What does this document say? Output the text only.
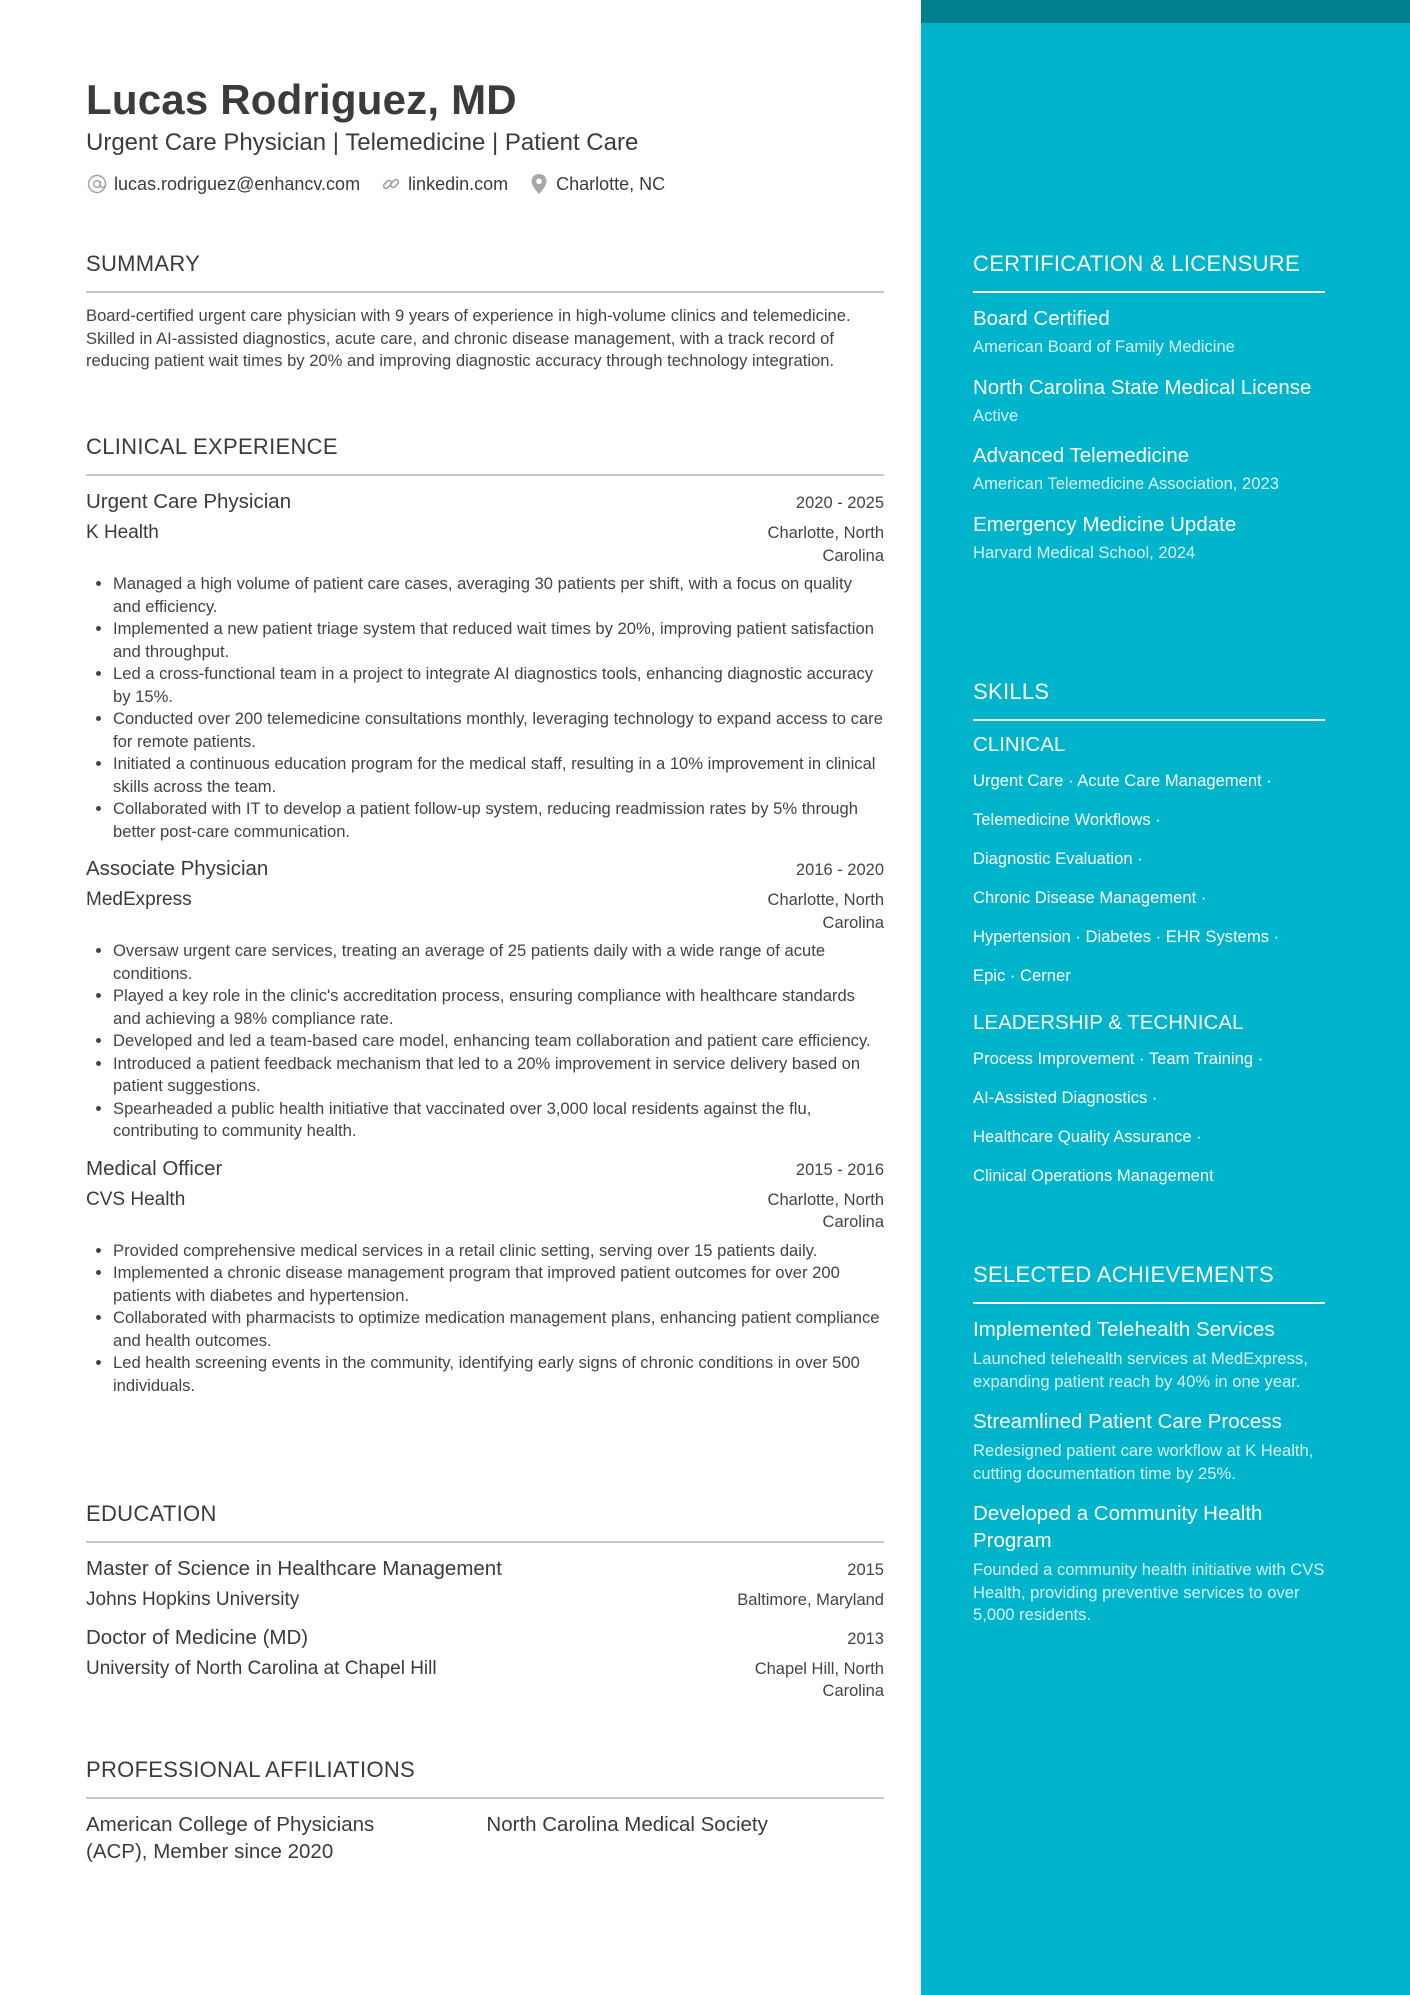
Lucas Rodriguez, MD
Urgent Care Physician | Telemedicine | Patient Care
lucas.rodriguez@enhancv.com	linkedin.com	Charlotte, NC
SUMMARY
Board-certified urgent care physician with 9 years of experience in high-volume clinics and telemedicine. Skilled in AI-assisted diagnostics, acute care, and chronic disease management, with a track record of reducing patient wait times by 20% and improving diagnostic accuracy through technology integration.
CLINICAL EXPERIENCE
Urgent Care Physician	2020 - 2025
K Health	Charlotte, North Carolina
• Managed a high volume of patient care cases, averaging 30 patients per shift, with a focus on quality and efficiency.
• Implemented a new patient triage system that reduced wait times by 20%, improving patient satisfaction and throughput.
• Led a cross-functional team in a project to integrate AI diagnostics tools, enhancing diagnostic accuracy by 15%.
• Conducted over 200 telemedicine consultations monthly, leveraging technology to expand access to care for remote patients.
• Initiated a continuous education program for the medical staff, resulting in a 10% improvement in clinical skills across the team.
• Collaborated with IT to develop a patient follow-up system, reducing readmission rates by 5% through better post-care communication.
Associate Physician	2016 - 2020
MedExpress	Charlotte, North Carolina
• Oversaw urgent care services, treating an average of 25 patients daily with a wide range of acute conditions.
• Played a key role in the clinic's accreditation process, ensuring compliance with healthcare standards and achieving a 98% compliance rate.
• Developed and led a team-based care model, enhancing team collaboration and patient care efficiency.
• Introduced a patient feedback mechanism that led to a 20% improvement in service delivery based on patient suggestions.
• Spearheaded a public health initiative that vaccinated over 3,000 local residents against the flu, contributing to community health.
Medical Officer	2015 - 2016
CVS Health	Charlotte, North Carolina
• Provided comprehensive medical services in a retail clinic setting, serving over 15 patients daily.
• Implemented a chronic disease management program that improved patient outcomes for over 200 patients with diabetes and hypertension.
• Collaborated with pharmacists to optimize medication management plans, enhancing patient compliance and health outcomes.
• Led health screening events in the community, identifying early signs of chronic conditions in over 500 individuals.
EDUCATION
Master of Science in Healthcare Management	2015
Johns Hopkins University	Baltimore, Maryland
Doctor of Medicine (MD)	2013
University of North Carolina at Chapel Hill	Chapel Hill, North Carolina
PROFESSIONAL AFFILIATIONS
American College of Physicians (ACP), Member since 2020
North Carolina Medical Society
CERTIFICATION & LICENSURE
Board Certified
American Board of Family Medicine
North Carolina State Medical License
Active
Advanced Telemedicine
American Telemedicine Association, 2023
Emergency Medicine Update
Harvard Medical School, 2024
SKILLS
CLINICAL
Urgent Care · Acute Care Management ·
Telemedicine Workflows ·
Diagnostic Evaluation ·
Chronic Disease Management ·
Hypertension · Diabetes · EHR Systems ·
Epic · Cerner
LEADERSHIP & TECHNICAL
Process Improvement · Team Training ·
AI-Assisted Diagnostics ·
Healthcare Quality Assurance ·
Clinical Operations Management
SELECTED ACHIEVEMENTS
Implemented Telehealth Services
Launched telehealth services at MedExpress, expanding patient reach by 40% in one year.
Streamlined Patient Care Process
Redesigned patient care workflow at K Health, cutting documentation time by 25%.
Developed a Community Health Program
Founded a community health initiative with CVS Health, providing preventive services to over 5,000 residents.
